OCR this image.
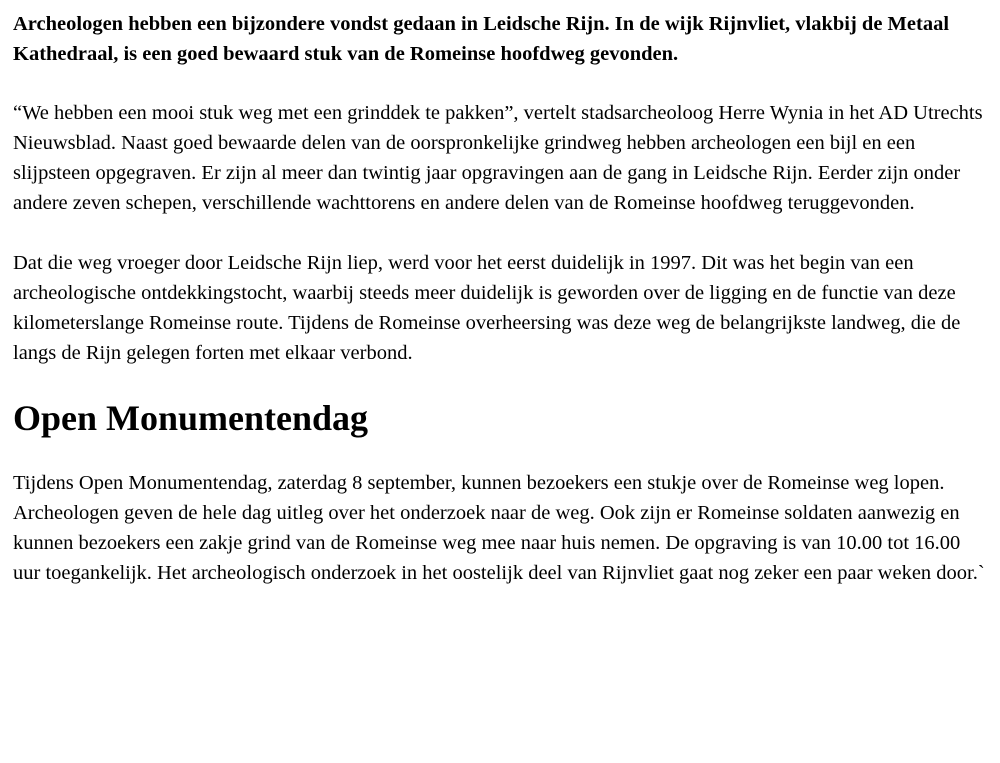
Archeologen hebben een bijzondere vondst gedaan in Leidsche Rijn. In de wijk Rijnvliet, vlakbij de Metaal Kathedraal, is een goed bewaard stuk van de Romeinse hoofdweg gevonden.

“We hebben een mooi stuk weg met een grinddek te pakken”, vertelt stadsarcheoloog Herre Wynia in het AD Utrechts Nieuwsblad. Naast goed bewaarde delen van de oorspronkelijke grindweg hebben archeologen een bijl en een slijpsteen opgegraven. Er zijn al meer dan twintig jaar opgravingen aan de gang in Leidsche Rijn. Eerder zijn onder andere zeven schepen, verschillende wachttorens en andere delen van de Romeinse hoofdweg teruggevonden.

Dat die weg vroeger door Leidsche Rijn liep, werd voor het eerst duidelijk in 1997. Dit was het begin van een archeologische ontdekkingstocht, waarbij steeds meer duidelijk is geworden over de ligging en de functie van deze kilometerslange Romeinse route. Tijdens de Romeinse overheersing was deze weg de belangrijkste landweg, die de langs de Rijn gelegen forten met elkaar verbond.

Open Monumentendag

Tijdens Open Monumentendag, zaterdag 8 september, kunnen bezoekers een stukje over de Romeinse weg lopen. Archeologen geven de hele dag uitleg over het onderzoek naar de weg. Ook zijn er Romeinse soldaten aanwezig en kunnen bezoekers een zakje grind van de Romeinse weg mee naar huis nemen. De opgraving is van 10.00 tot 16.00 uur toegankelijk. Het archeologisch onderzoek in het oostelijk deel van Rijnvliet gaat nog zeker een paar weken door.`
